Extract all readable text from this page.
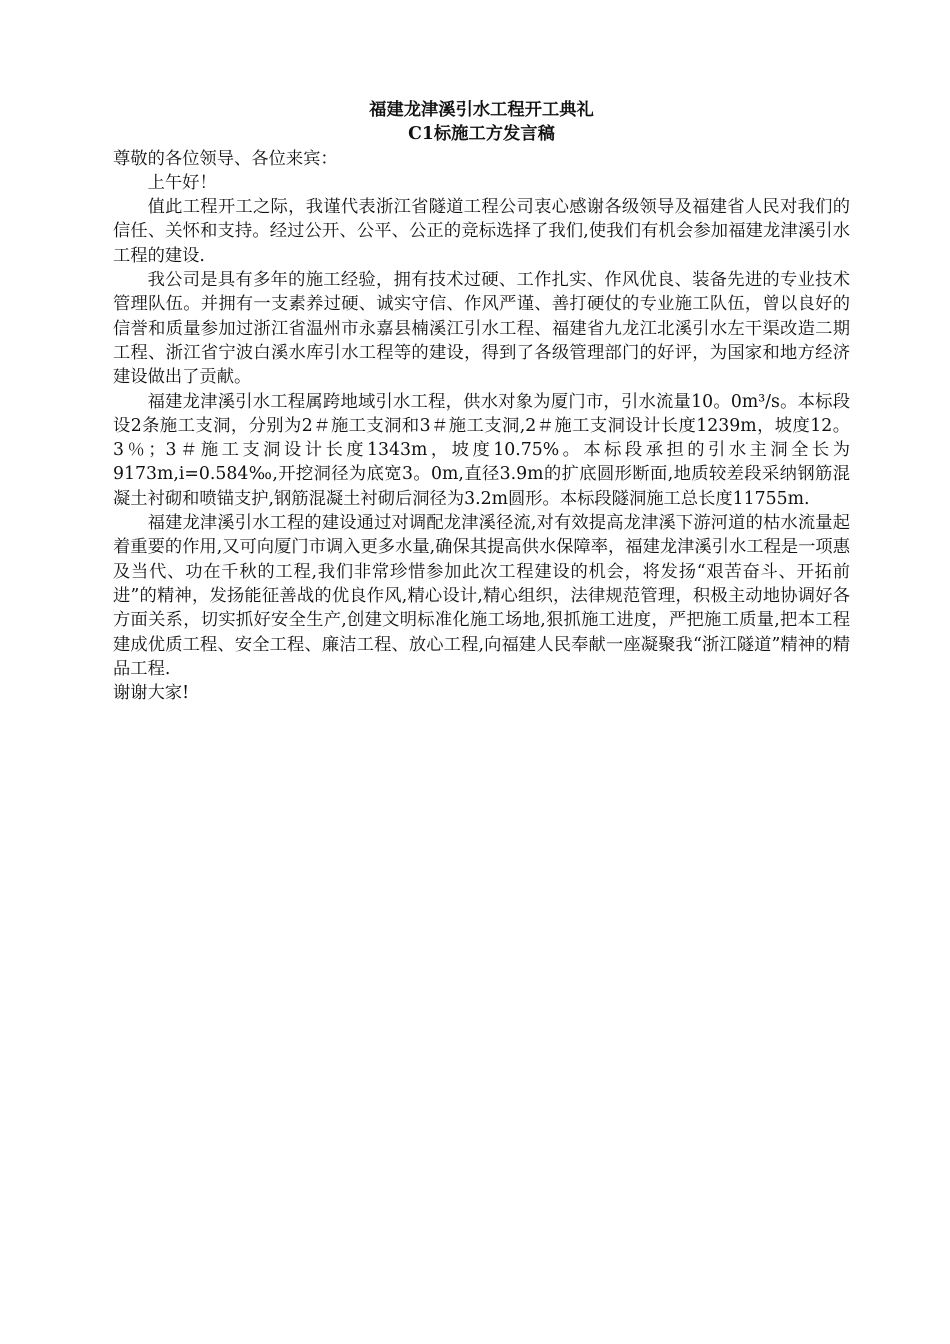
福建龙津溪引水工程开工典礼
C1标施工方发言稿

尊敬的各位领导、各位来宾：

上午好！

值此工程开工之际，我谨代表浙江省隧道工程公司衷心感谢各级领导及福建省人民对我们的信任、关怀和支持。经过公开、公平、公正的竞标选择了我们,使我们有机会参加福建龙津溪引水工程的建设.

我公司是具有多年的施工经验，拥有技术过硬、工作扎实、作风优良、装备先进的专业技术管理队伍。并拥有一支素养过硬、诚实守信、作风严谨、善打硬仗的专业施工队伍，曾以良好的信誉和质量参加过浙江省温州市永嘉县楠溪江引水工程、福建省九龙江北溪引水左干渠改造二期工程、浙江省宁波白溪水库引水工程等的建设，得到了各级管理部门的好评，为国家和地方经济建设做出了贡献。

福建龙津溪引水工程属跨地域引水工程，供水对象为厦门市，引水流量10。0m³/s。本标段设2条施工支洞，分别为2＃施工支洞和3＃施工支洞,2＃施工支洞设计长度1239m，坡度12。3％；3＃施工支洞设计长度1343m，坡度10.75%。本标段承担的引水主洞全长为9173m,i=0.584‰,开挖洞径为底宽3。0m,直径3.9m的扩底圆形断面,地质较差段采纳钢筋混凝土衬砌和喷锚支护,钢筋混凝土衬砌后洞径为3.2m圆形。本标段隧洞施工总长度11755m.

福建龙津溪引水工程的建设通过对调配龙津溪径流,对有效提高龙津溪下游河道的枯水流量起着重要的作用,又可向厦门市调入更多水量,确保其提高供水保障率，福建龙津溪引水工程是一项惠及当代、功在千秋的工程,我们非常珍惜参加此次工程建设的机会，将发扬“艰苦奋斗、开拓前进”的精神，发扬能征善战的优良作风,精心设计,精心组织，法律规范管理，积极主动地协调好各方面关系，切实抓好安全生产,创建文明标准化施工场地,狠抓施工进度，严把施工质量,把本工程建成优质工程、安全工程、廉洁工程、放心工程,向福建人民奉献一座凝聚我“浙江隧道”精神的精品工程.

谢谢大家!
